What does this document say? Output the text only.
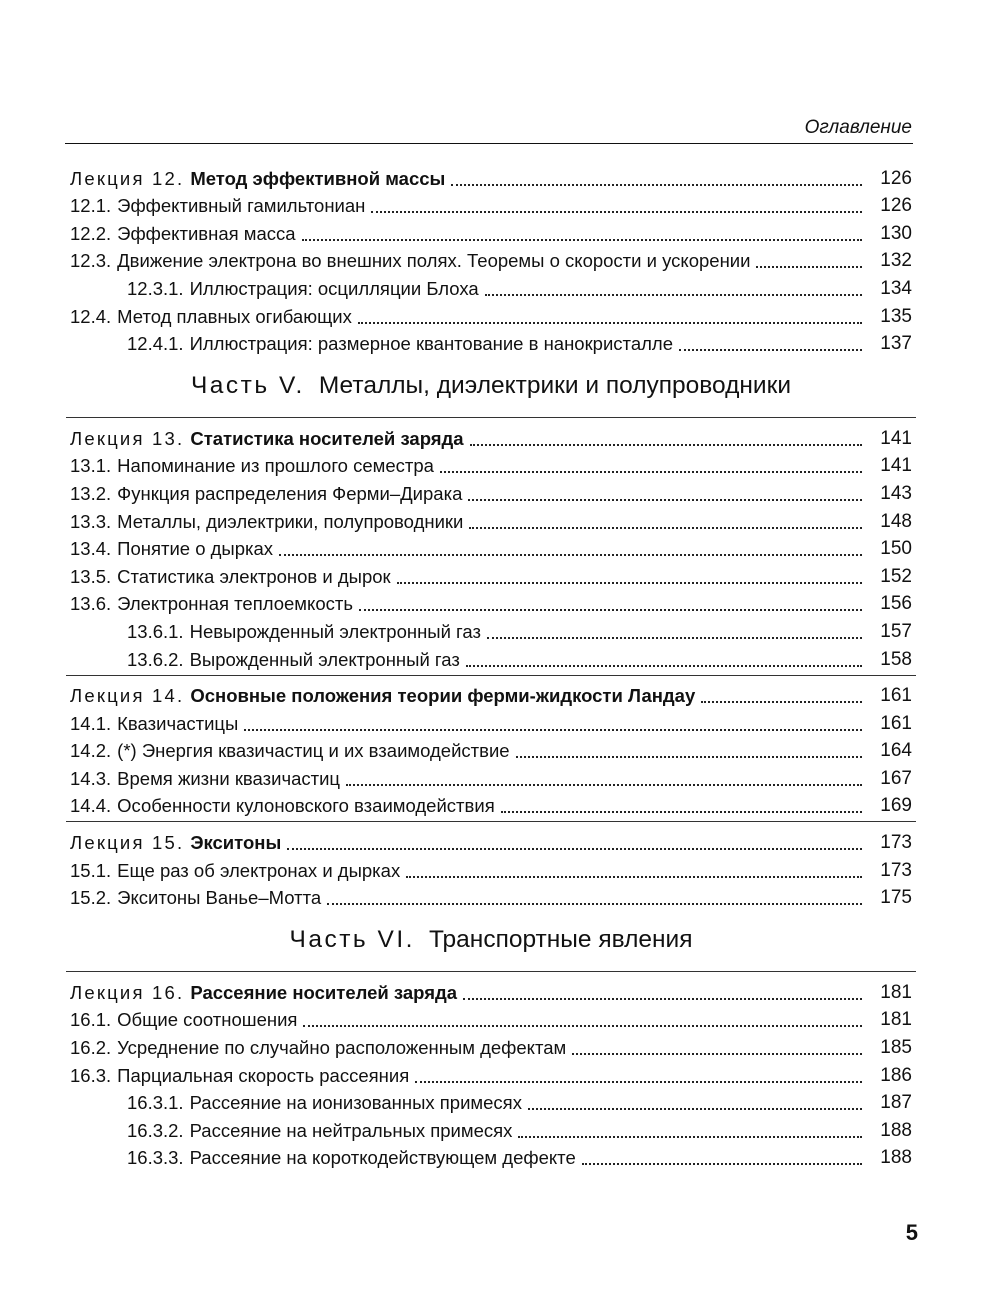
Оглавление
Лекция 12. Метод эффективной массы	126
12.1. Эффективный гамильтониан	126
12.2. Эффективная масса	130
12.3. Движение электрона во внешних полях. Теоремы о скорости и ускорении	132
12.3.1. Иллюстрация: осцилляции Блоха	134
12.4. Метод плавных огибающих	135
12.4.1. Иллюстрация: размерное квантование в нанокристалле	137
Часть V. Металлы, диэлектрики и полупроводники
Лекция 13. Статистика носителей заряда	141
13.1. Напоминание из прошлого семестра	141
13.2. Функция распределения Ферми–Дирака	143
13.3. Металлы, диэлектрики, полупроводники	148
13.4. Понятие о дырках	150
13.5. Статистика электронов и дырок	152
13.6. Электронная теплоемкость	156
13.6.1. Невырожденный электронный газ	157
13.6.2. Вырожденный электронный газ	158
Лекция 14. Основные положения теории ферми-жидкости Ландау	161
14.1. Квазичастицы	161
14.2. (*) Энергия квазичастиц и их взаимодействие	164
14.3. Время жизни квазичастиц	167
14.4. Особенности кулоновского взаимодействия	169
Лекция 15. Экситоны	173
15.1. Еще раз об электронах и дырках	173
15.2. Экситоны Ванье–Мотта	175
Часть VI. Транспортные явления
Лекция 16. Рассеяние носителей заряда	181
16.1. Общие соотношения	181
16.2. Усреднение по случайно расположенным дефектам	185
16.3. Парциальная скорость рассеяния	186
16.3.1. Рассеяние на ионизованных примесях	187
16.3.2. Рассеяние на нейтральных примесях	188
16.3.3. Рассеяние на короткодействующем дефекте	188
5
